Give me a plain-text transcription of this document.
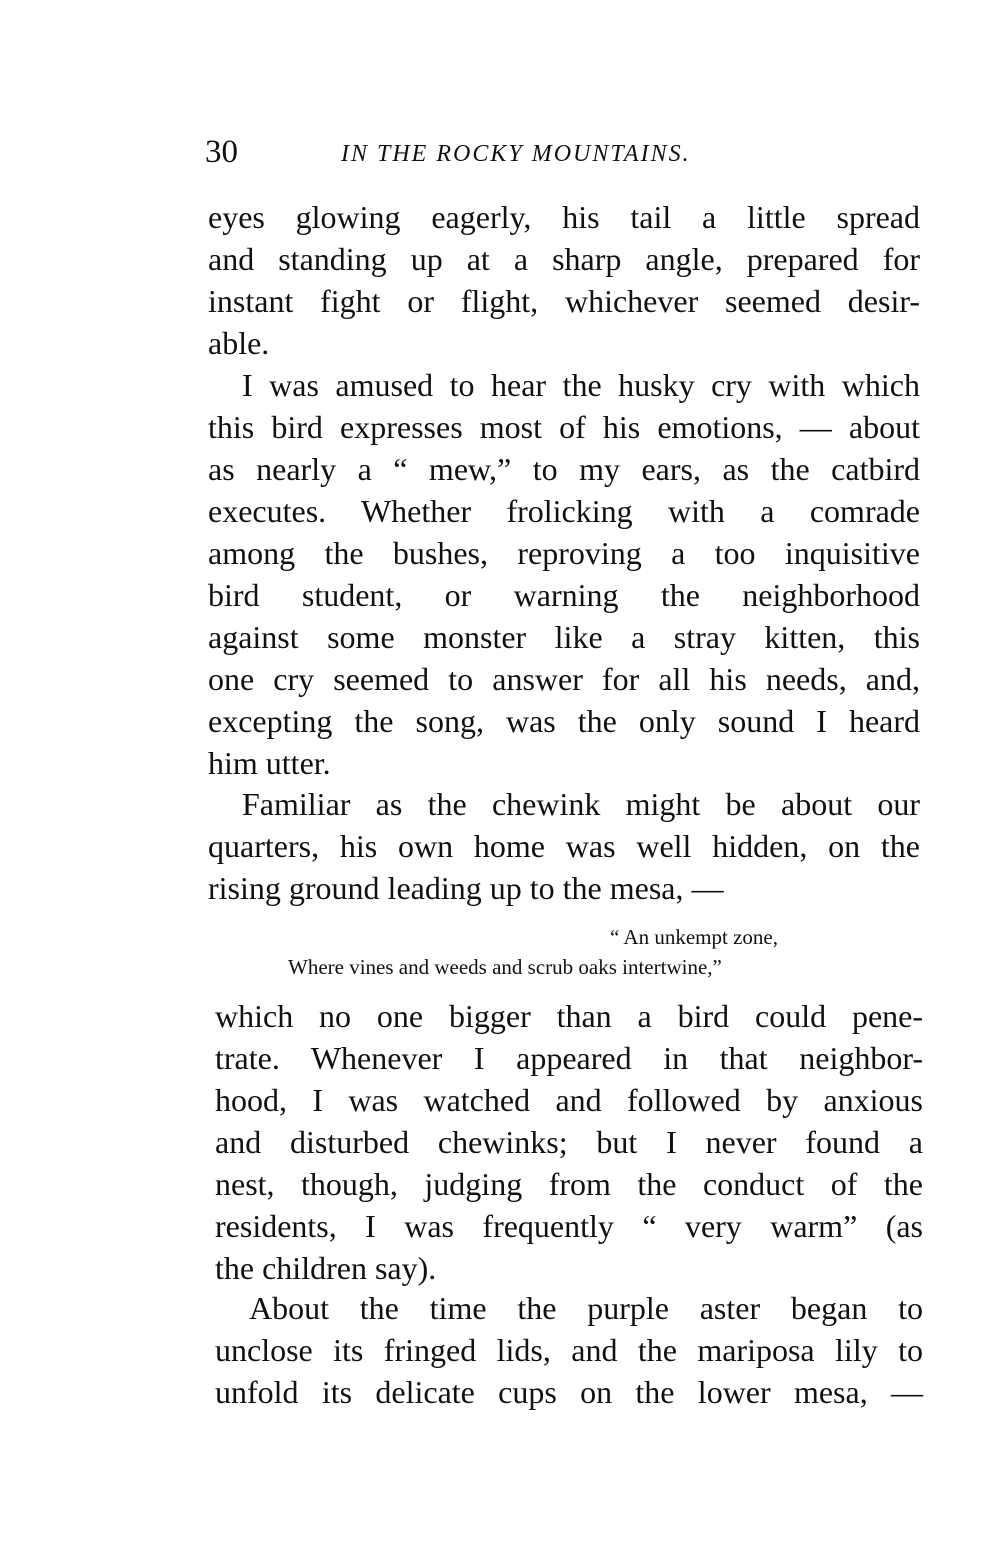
30	IN THE ROCKY MOUNTAINS.
eyes glowing eagerly, his tail a little spread
and standing up at a sharp angle, prepared for
instant fight or flight, whichever seemed desir-
able.
I was amused to hear the husky cry with which
this bird expresses most of his emotions, — about
as nearly a “ mew,” to my ears, as the catbird
executes. Whether frolicking with a comrade
among the bushes, reproving a too inquisitive
bird student, or warning the neighborhood
against some monster like a stray kitten, this
one cry seemed to answer for all his needs, and,
excepting the song, was the only sound I heard
him utter.
Familiar as the chewink might be about our
quarters, his own home was well hidden, on the
rising ground leading up to the mesa, —
“ An unkempt zone,
Where vines and weeds and scrub oaks intertwine,”
which no one bigger than a bird could pene-
trate. Whenever I appeared in that neighbor-
hood, I was watched and followed by anxious
and disturbed chewinks; but I never found a
nest, though, judging from the conduct of the
residents, I was frequently “ very warm” (as
the children say).
About the time the purple aster began to
unclose its fringed lids, and the mariposa lily to
unfold its delicate cups on the lower mesa, —
